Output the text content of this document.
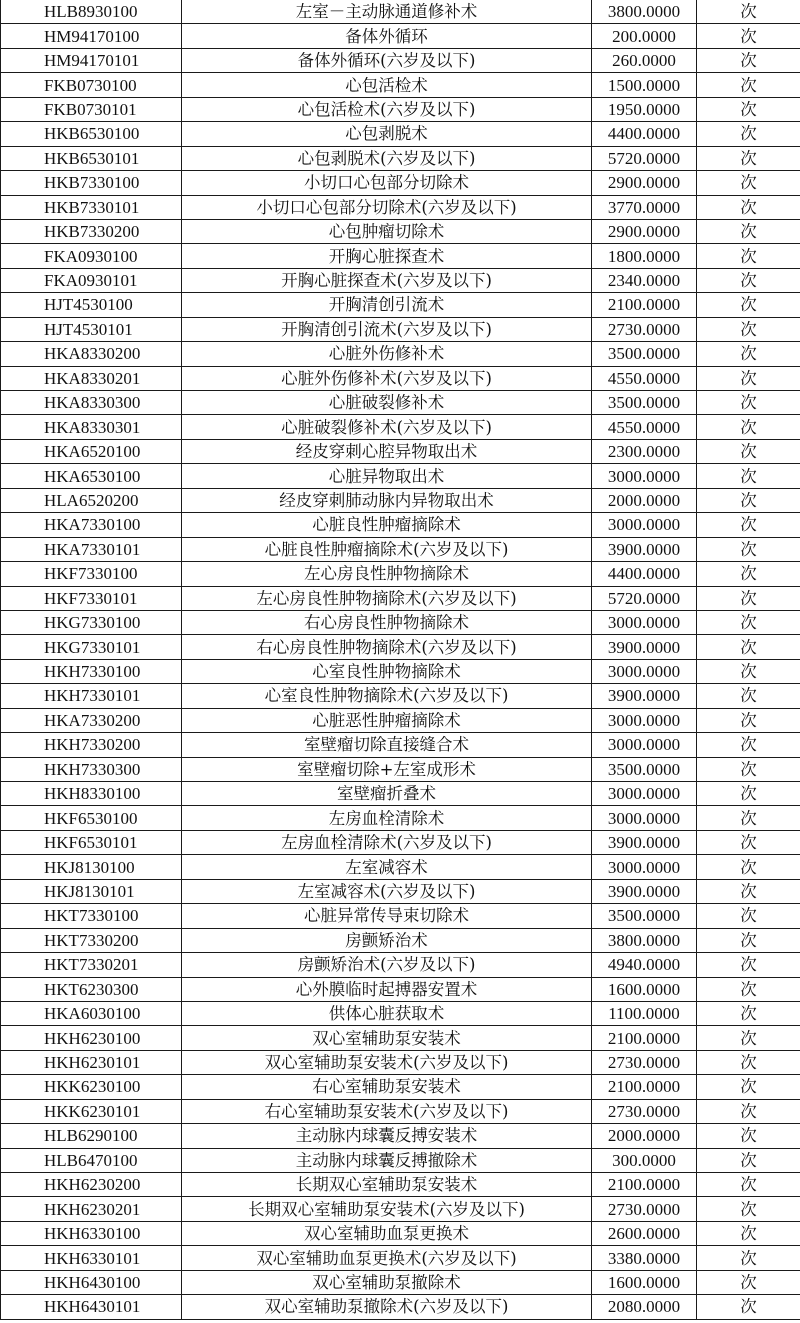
HLB8930100	左室－主动脉通道修补术	3800.0000	次
HM94170100	备体外循环	200.0000	次
HM94170101	备体外循环(六岁及以下)	260.0000	次
FKB0730100	心包活检术	1500.0000	次
FKB0730101	心包活检术(六岁及以下)	1950.0000	次
HKB6530100	心包剥脱术	4400.0000	次
HKB6530101	心包剥脱术(六岁及以下)	5720.0000	次
HKB7330100	小切口心包部分切除术	2900.0000	次
HKB7330101	小切口心包部分切除术(六岁及以下)	3770.0000	次
HKB7330200	心包肿瘤切除术	2900.0000	次
FKA0930100	开胸心脏探查术	1800.0000	次
FKA0930101	开胸心脏探查术(六岁及以下)	2340.0000	次
HJT4530100	开胸清创引流术	2100.0000	次
HJT4530101	开胸清创引流术(六岁及以下)	2730.0000	次
HKA8330200	心脏外伤修补术	3500.0000	次
HKA8330201	心脏外伤修补术(六岁及以下)	4550.0000	次
HKA8330300	心脏破裂修补术	3500.0000	次
HKA8330301	心脏破裂修补术(六岁及以下)	4550.0000	次
HKA6520100	经皮穿刺心腔异物取出术	2300.0000	次
HKA6530100	心脏异物取出术	3000.0000	次
HLA6520200	经皮穿刺肺动脉内异物取出术	2000.0000	次
HKA7330100	心脏良性肿瘤摘除术	3000.0000	次
HKA7330101	心脏良性肿瘤摘除术(六岁及以下)	3900.0000	次
HKF7330100	左心房良性肿物摘除术	4400.0000	次
HKF7330101	左心房良性肿物摘除术(六岁及以下)	5720.0000	次
HKG7330100	右心房良性肿物摘除术	3000.0000	次
HKG7330101	右心房良性肿物摘除术(六岁及以下)	3900.0000	次
HKH7330100	心室良性肿物摘除术	3000.0000	次
HKH7330101	心室良性肿物摘除术(六岁及以下)	3900.0000	次
HKA7330200	心脏恶性肿瘤摘除术	3000.0000	次
HKH7330200	室壁瘤切除直接缝合术	3000.0000	次
HKH7330300	室壁瘤切除+左室成形术	3500.0000	次
HKH8330100	室壁瘤折叠术	3000.0000	次
HKF6530100	左房血栓清除术	3000.0000	次
HKF6530101	左房血栓清除术(六岁及以下)	3900.0000	次
HKJ8130100	左室减容术	3000.0000	次
HKJ8130101	左室减容术(六岁及以下)	3900.0000	次
HKT7330100	心脏异常传导束切除术	3500.0000	次
HKT7330200	房颤矫治术	3800.0000	次
HKT7330201	房颤矫治术(六岁及以下)	4940.0000	次
HKT6230300	心外膜临时起搏器安置术	1600.0000	次
HKA6030100	供体心脏获取术	1100.0000	次
HKH6230100	双心室辅助泵安装术	2100.0000	次
HKH6230101	双心室辅助泵安装术(六岁及以下)	2730.0000	次
HKK6230100	右心室辅助泵安装术	2100.0000	次
HKK6230101	右心室辅助泵安装术(六岁及以下)	2730.0000	次
HLB6290100	主动脉内球囊反搏安装术	2000.0000	次
HLB6470100	主动脉内球囊反搏撤除术	300.0000	次
HKH6230200	长期双心室辅助泵安装术	2100.0000	次
HKH6230201	长期双心室辅助泵安装术(六岁及以下)	2730.0000	次
HKH6330100	双心室辅助血泵更换术	2600.0000	次
HKH6330101	双心室辅助血泵更换术(六岁及以下)	3380.0000	次
HKH6430100	双心室辅助泵撤除术	1600.0000	次
HKH6430101	双心室辅助泵撤除术(六岁及以下)	2080.0000	次
